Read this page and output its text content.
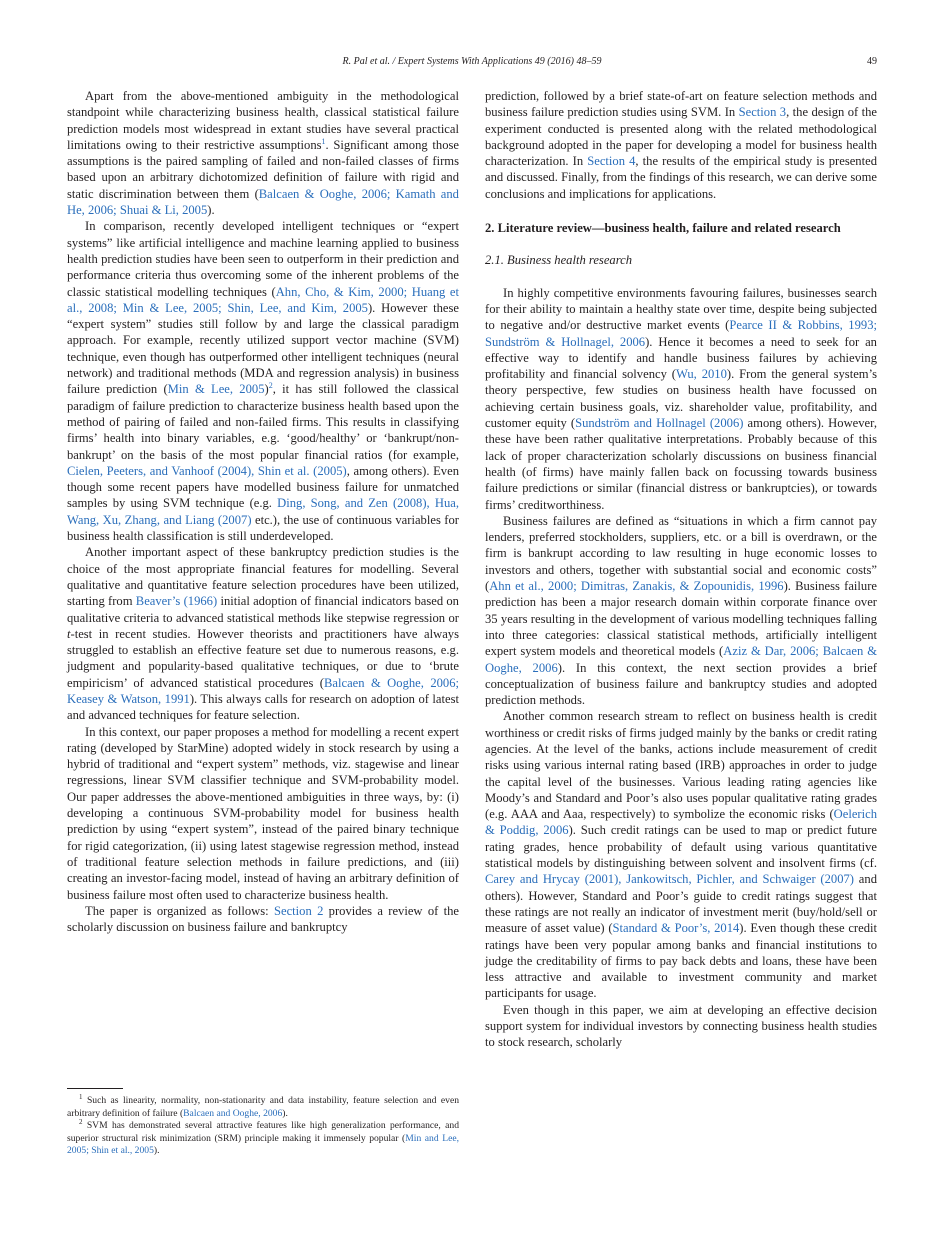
R. Pal et al. / Expert Systems With Applications 49 (2016) 48–59	49

Apart from the above-mentioned ambiguity in the methodological standpoint while characterizing business health, classical statistical failure prediction models most widespread in extant studies have several practical limitations owing to their restrictive assumptions$^1$. Significant among those assumptions is the paired sampling of failed and non-failed classes of firms based upon an arbitrary dichotomized definition of failure with rigid and static discrimination between them (Balcaen & Ooghe, 2006; Kamath and He, 2006; Shuai & Li, 2005).

In comparison, recently developed intelligent techniques or “expert systems” like artificial intelligence and machine learning applied to business health prediction studies have been seen to outperform in their prediction and performance criteria thus overcoming some of the inherent problems of the classic statistical modelling techniques (Ahn, Cho, & Kim, 2000; Huang et al., 2008; Min & Lee, 2005; Shin, Lee, and Kim, 2005). However these “expert system” studies still follow by and large the classical paradigm approach. For example, recently utilized support vector machine (SVM) technique, even though has outperformed other intelligent techniques (neural network) and traditional methods (MDA and regression analysis) in business failure prediction (Min & Lee, 2005)$^2$, it has still followed the classical paradigm of failure prediction to characterize business health based upon the method of pairing of failed and non-failed firms. This results in classifying firms’ health into binary variables, e.g. ‘good/healthy’ or ‘bankrupt/non-bankrupt’ on the basis of the most popular financial ratios (for example, Cielen, Peeters, and Vanhoof (2004), Shin et al. (2005), among others). Even though some recent papers have modelled business failure for unmatched samples by using SVM technique (e.g. Ding, Song, and Zen (2008), Hua, Wang, Xu, Zhang, and Liang (2007) etc.), the use of continuous variables for business health classification is still underdeveloped.

Another important aspect of these bankruptcy prediction studies is the choice of the most appropriate financial features for modelling. Several qualitative and quantitative feature selection procedures have been utilized, starting from Beaver’s (1966) initial adoption of financial indicators based on qualitative criteria to advanced statistical methods like stepwise regression or t-test in recent studies. However theorists and practitioners have always struggled to establish an effective feature set due to numerous reasons, e.g. judgment and popularity-based qualitative techniques, or due to ‘brute empiricism’ of advanced statistical procedures (Balcaen & Ooghe, 2006; Keasey & Watson, 1991). This always calls for research on adoption of latest and advanced techniques for feature selection.

In this context, our paper proposes a method for modelling a recent expert rating (developed by StarMine) adopted widely in stock research by using a hybrid of traditional and “expert system” methods, viz. stagewise and linear regressions, linear SVM classifier technique and SVM-probability model. Our paper addresses the above-mentioned ambiguities in three ways, by: (i) developing a continuous SVM-probability model for business health prediction by using “expert system”, instead of the paired binary technique for rigid categorization, (ii) using latest stagewise regression method, instead of traditional feature selection methods in failure predictions, and (iii) creating an investor-facing model, instead of having an arbitrary definition of business failure most often used to characterize business health.

The paper is organized as follows: Section 2 provides a review of the scholarly discussion on business failure and bankruptcy

$^1$ Such as linearity, normality, non-stationarity and data instability, feature selection and even arbitrary definition of failure (Balcaen and Ooghe, 2006).

$^2$ SVM has demonstrated several attractive features like high generalization performance, and superior structural risk minimization (SRM) principle making it immensely popular (Min and Lee, 2005; Shin et al., 2005).

prediction, followed by a brief state-of-art on feature selection methods and business failure prediction studies using SVM. In Section 3, the design of the experiment conducted is presented along with the related methodological background adopted in the paper for developing a model for business health characterization. In Section 4, the results of the empirical study is presented and discussed. Finally, from the findings of this research, we can derive some conclusions and implications for applications.

2. Literature review—business health, failure and related research
2.1. Business health research

In highly competitive environments favouring failures, businesses search for their ability to maintain a healthy state over time, despite being subjected to negative and/or destructive market events (Pearce II & Robbins, 1993; Sundström & Hollnagel, 2006). Hence it becomes a need to seek for an effective way to identify and handle business failures by achieving profitability and financial solvency (Wu, 2010). From the general system’s theory perspective, few studies on business health have focussed on achieving certain business goals, viz. shareholder value, profitability, and customer equity (Sundström and Hollnagel (2006) among others). However, these have been rather qualitative interpretations. Probably because of this lack of proper characterization scholarly discussions on business financial health (of firms) have mainly fallen back on focussing towards business failure predictions or similar (financial distress or bankruptcies), or towards firms’ creditworthiness.

Business failures are defined as “situations in which a firm cannot pay lenders, preferred stockholders, suppliers, etc. or a bill is overdrawn, or the firm is bankrupt according to law resulting in huge economic losses to investors and others, together with substantial social and economic costs” (Ahn et al., 2000; Dimitras, Zanakis, & Zopounidis, 1996). Business failure prediction has been a major research domain within corporate finance over 35 years resulting in the development of various modelling techniques falling into three categories: classical statistical methods, artificially intelligent expert system models and theoretical models (Aziz & Dar, 2006; Balcaen & Ooghe, 2006). In this context, the next section provides a brief conceptualization of business failure and bankruptcy studies and adopted prediction methods.

Another common research stream to reflect on business health is credit worthiness or credit risks of firms judged mainly by the banks or credit rating agencies. At the level of the banks, actions include measurement of credit risks using various internal rating based (IRB) approaches in order to judge the capital level of the businesses. Various leading rating agencies like Moody’s and Standard and Poor’s also uses popular qualitative rating grades (e.g. AAA and Aaa, respectively) to symbolize the economic risks (Oelerich & Poddig, 2006). Such credit ratings can be used to map or predict future rating grades, hence probability of default using various quantitative statistical models by distinguishing between solvent and insolvent firms (cf. Carey and Hrycay (2001), Jankowitsch, Pichler, and Schwaiger (2007) and others). However, Standard and Poor’s guide to credit ratings suggest that these ratings are not really an indicator of investment merit (buy/hold/sell or measure of asset value) (Standard & Poor’s, 2014). Even though these credit ratings have been very popular among banks and financial institutions to judge the creditability of firms to pay back debts and loans, these have been less attractive and available to investment community and market participants for usage.

Even though in this paper, we aim at developing an effective decision support system for individual investors by connecting business health studies to stock research, scholarly
